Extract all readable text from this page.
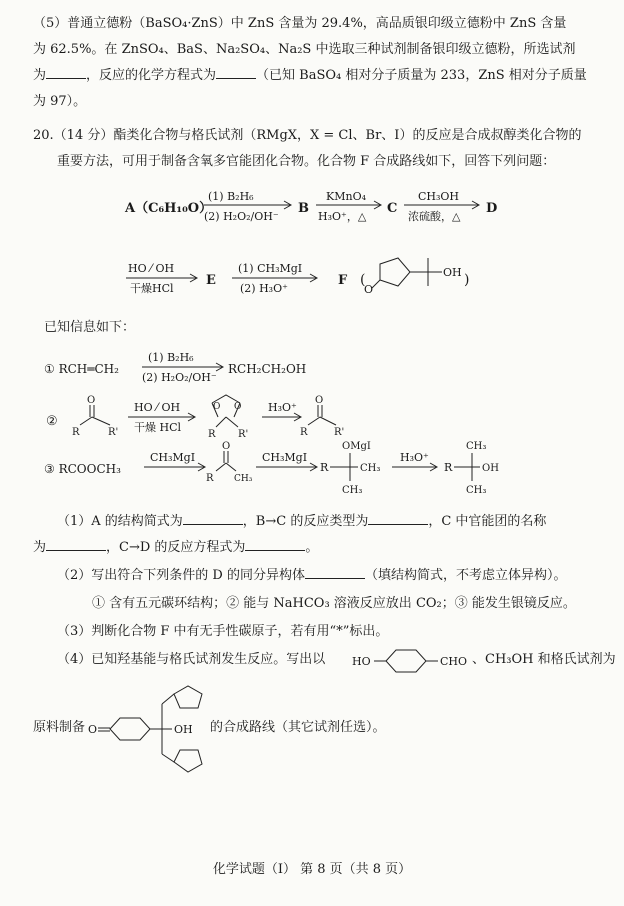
（5）普通立德粉（BaSO₄·ZnS）中 ZnS 含量为 29.4%，高品质银印级立德粉中 ZnS 含量
为 62.5%。在 ZnSO₄、BaS、Na₂SO₄、Na₂S 中选取三种试剂制备银印级立德粉，所选试剂
为	，反应的化学方程式为	（已知 BaSO₄ 相对分子质量为 233，ZnS 相对分子质量
为 97）。
20.（14 分）酯类化合物与格氏试剂（RMgX，X = Cl、Br、I）的反应是合成叔醇类化合物的
重要方法，可用于制备含氧多官能团化合物。化合物 F 合成路线如下，回答下列问题：
A（C₆H₁₀O）
(1) B₂H₆
(2) H₂O₂/OH⁻
B
KMnO₄
H₃O⁺，△
C
CH₃OH
浓硫酸，△
D
HO ⁄ OH
干燥HCl
E
(1) CH₃MgI
(2) H₃O⁺
F (
O
OH )
已知信息如下：
① RCH═CH₂
(1) B₂H₆
(2) H₂O₂/OH⁻
RCH₂CH₂OH
②
O
R	R'
HO ⁄ OH
干燥 HCl
O O
R R'
H₃O⁺
O
R	R'
③ RCOOCH₃
CH₃MgI
O
R CH₃
CH₃MgI
R
OMgI
CH₃
CH₃
H₃O⁺
R
CH₃
OH
CH₃
（1）A 的结构简式为	，B→C 的反应类型为	，C 中官能团的名称
为	，C→D 的反应方程式为	。
（2）写出符合下列条件的 D 的同分异构体	（填结构简式，不考虑立体异构）。
① 含有五元碳环结构；② 能与 NaHCO₃ 溶液反应放出 CO₂；③ 能发生银镜反应。
（3）判断化合物 F 中有无手性碳原子，若有用“*”标出。
（4）已知羟基能与格氏试剂发生反应。写出以 HO	CHO 、CH₃OH 和格氏试剂为
原料制备 O	OH 的合成路线（其它试剂任选）。
化学试题（Ⅰ） 第 8 页（共 8 页）
